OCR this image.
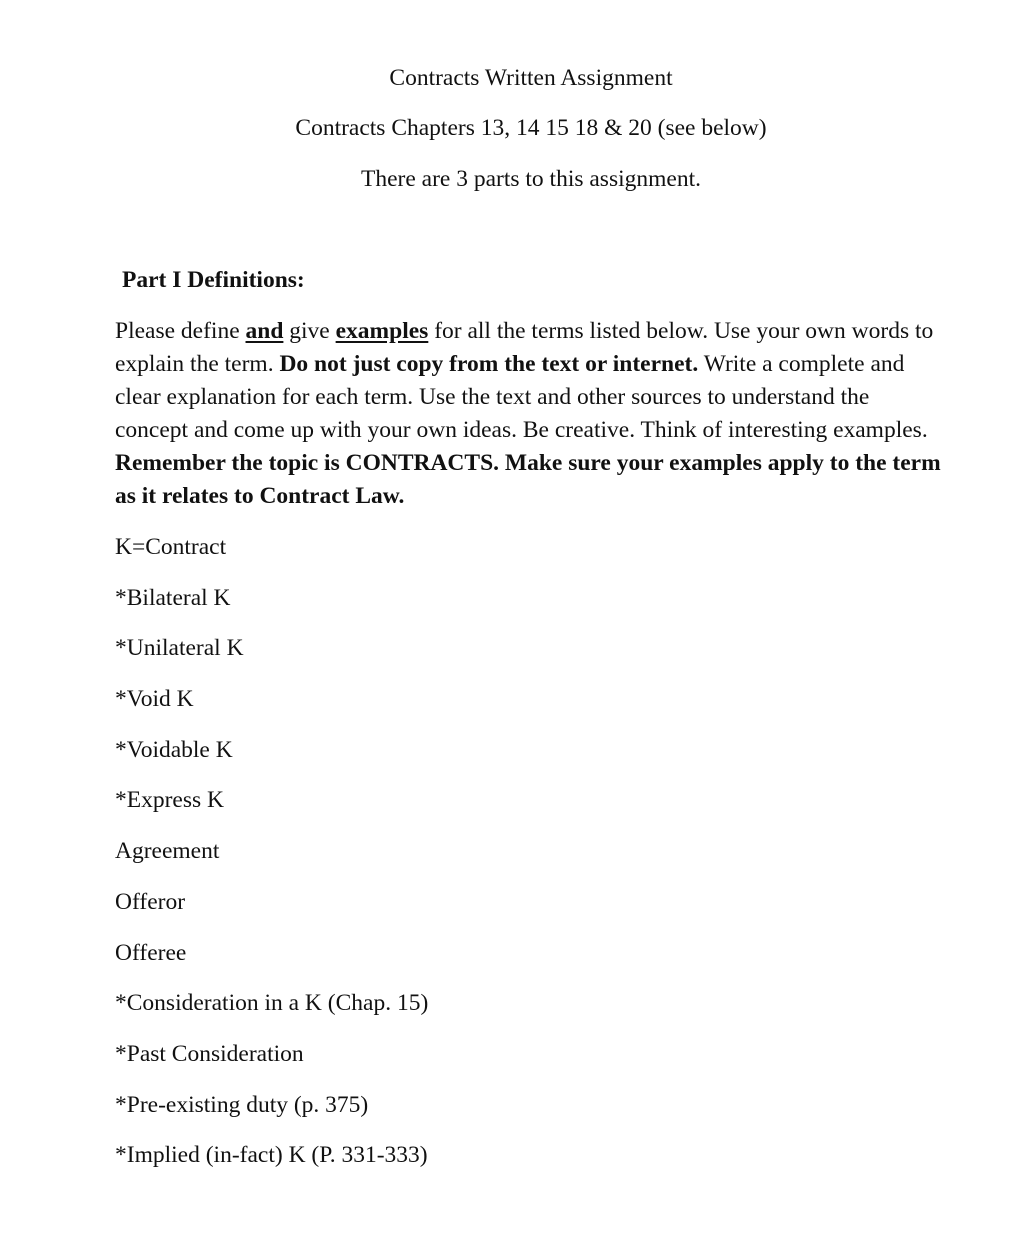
Contracts Written Assignment

Contracts Chapters 13, 14 15 18 & 20 (see below)

There are 3 parts to this assignment.

Part I Definitions:

Please define and give examples for all the terms listed below. Use your own words to explain the term. Do not just copy from the text or internet. Write a complete and clear explanation for each term. Use the text and other sources to understand the concept and come up with your own ideas. Be creative. Think of interesting examples. Remember the topic is CONTRACTS. Make sure your examples apply to the term as it relates to Contract Law.

K=Contract
*Bilateral K
*Unilateral K
*Void K
*Voidable K
*Express K
Agreement
Offeror
Offeree
*Consideration in a K (Chap. 15)
*Past Consideration
*Pre-existing duty (p. 375)
*Implied (in-fact) K (P. 331-333)
